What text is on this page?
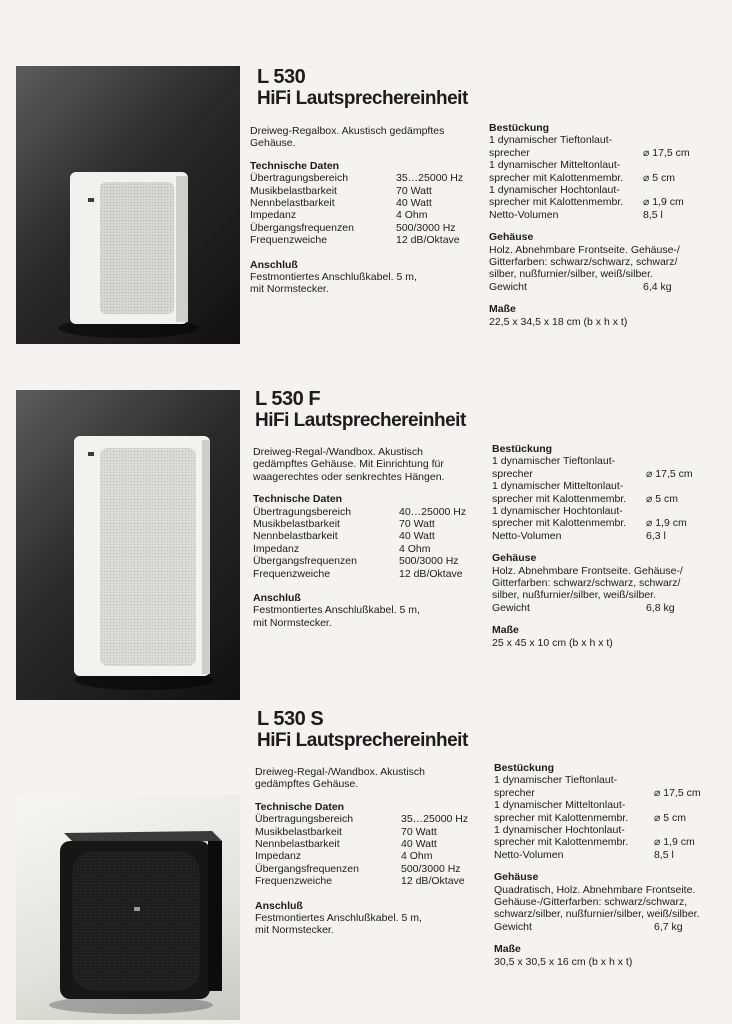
L 530
HiFi Lautsprechereinheit

Dreiweg-Regalbox. Akustisch gedämpftes

Gehäuse.

Technische Daten

Übertragungsbereich	35…25000 Hz
Musikbelastbarkeit	70 Watt
Nennbelastbarkeit	40 Watt
Impedanz	4 Ohm
Übergangsfrequenzen	500/3000 Hz
Frequenzweiche	12 dB/Oktave

Anschluß

Festmontiertes Anschlußkabel. 5 m,

mit Normstecker.

Bestückung

1 dynamischer Tieftonlaut-
sprecher	⌀ 17,5 cm
1 dynamischer Mitteltonlaut-
sprecher mit Kalottenmembr. ⌀ 5 cm
1 dynamischer Hochtonlaut-
sprecher mit Kalottenmembr. ⌀ 1,9 cm
Netto-Volumen	8,5 l

Gehäuse

Holz. Abnehmbare Frontseite. Gehäuse-/

Gitterfarben: schwarz/schwarz, schwarz/

silber, nußfurnier/silber, weiß/silber.

Gewicht	6,4 kg

Maße

22,5 x 34,5 x 18 cm (b x h x t)

L 530 F
HiFi Lautsprechereinheit

Dreiweg-Regal-/Wandbox. Akustisch

gedämpftes Gehäuse. Mit Einrichtung für

waagerechtes oder senkrechtes Hängen.

Technische Daten

Übertragungsbereich	40…25000 Hz
Musikbelastbarkeit	70 Watt
Nennbelastbarkeit	40 Watt
Impedanz	4 Ohm
Übergangsfrequenzen	500/3000 Hz
Frequenzweiche	12 dB/Oktave

Anschluß

Festmontiertes Anschlußkabel. 5 m,

mit Normstecker.

Bestückung

1 dynamischer Tieftonlaut-
sprecher	⌀ 17,5 cm
1 dynamischer Mitteltonlaut-
sprecher mit Kalottenmembr. ⌀ 5 cm
1 dynamischer Hochtonlaut-
sprecher mit Kalottenmembr. ⌀ 1,9 cm
Netto-Volumen	6,3 l

Gehäuse

Holz. Abnehmbare Frontseite. Gehäuse-/

Gitterfarben: schwarz/schwarz, schwarz/

silber, nußfurnier/silber, weiß/silber.

Gewicht	6,8 kg

Maße

25 x 45 x 10 cm (b x h x t)

L 530 S
HiFi Lautsprechereinheit

Dreiweg-Regal-/Wandbox. Akustisch

gedämpftes Gehäuse.

Technische Daten

Übertragungsbereich	35…25000 Hz
Musikbelastbarkeit	70 Watt
Nennbelastbarkeit	40 Watt
Impedanz	4 Ohm
Übergangsfrequenzen	500/3000 Hz
Frequenzweiche	12 dB/Oktave

Anschluß

Festmontiertes Anschlußkabel. 5 m,

mit Normstecker.

Bestückung

1 dynamischer Tieftonlaut-
sprecher	⌀ 17,5 cm
1 dynamischer Mitteltonlaut-
sprecher mit Kalottenmembr. ⌀ 5 cm
1 dynamischer Hochtonlaut-
sprecher mit Kalottenmembr. ⌀ 1,9 cm
Netto-Volumen	8,5 l

Gehäuse

Quadratisch, Holz. Abnehmbare Frontseite.

Gehäuse-/Gitterfarben: schwarz/schwarz,

schwarz/silber, nußfurnier/silber, weiß/silber.

Gewicht	6,7 kg

Maße

30,5 x 30,5 x 16 cm (b x h x t)
